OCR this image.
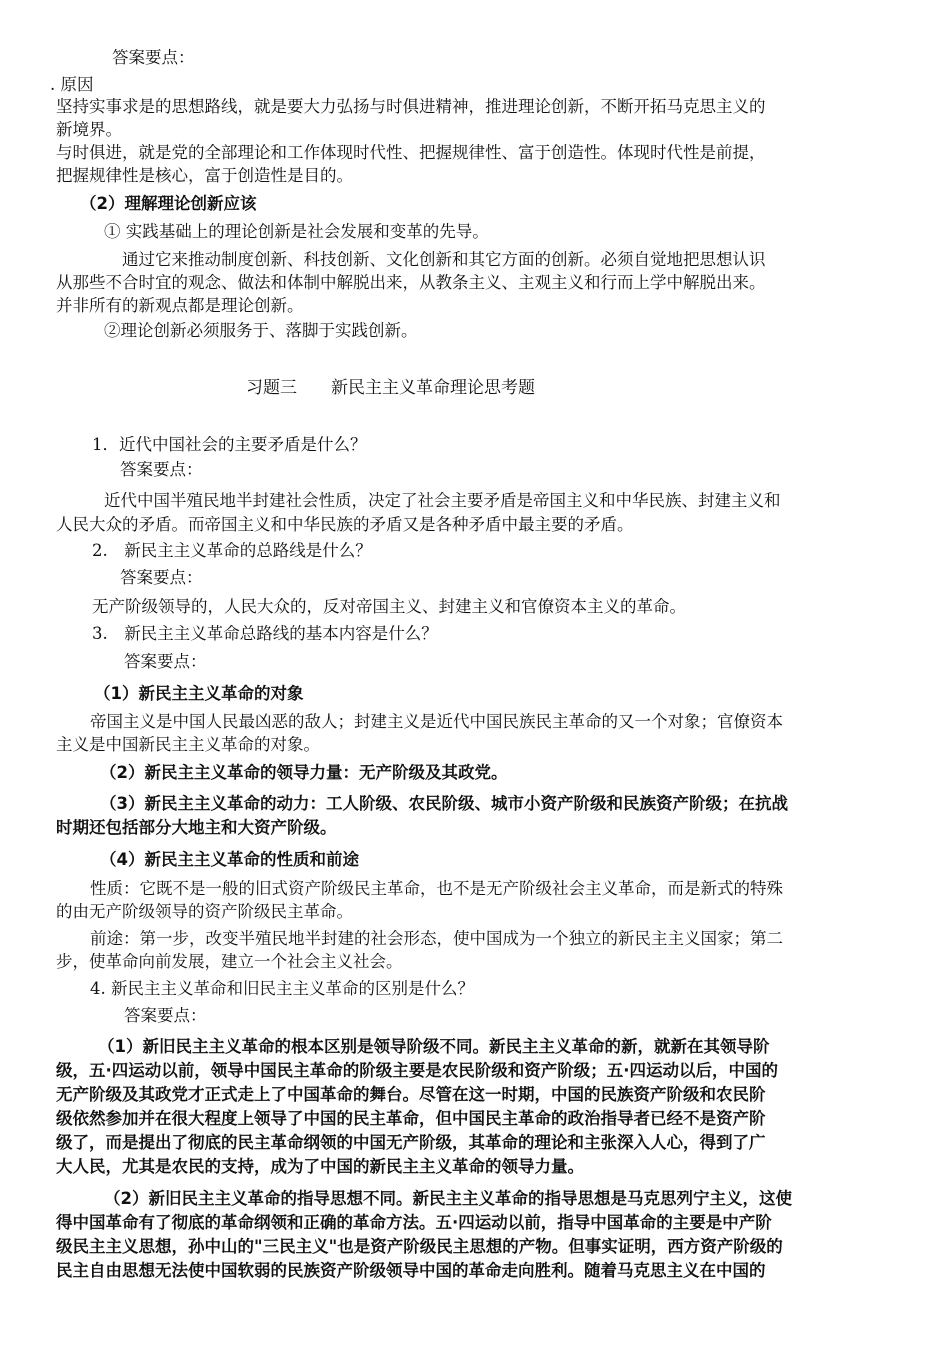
答案要点：
. 原因
坚持实事求是的思想路线，就是要大力弘扬与时俱进精神，推进理论创新，不断开拓马克思主义的
新境界。
与时俱进，就是党的全部理论和工作体现时代性、把握规律性、富于创造性。体现时代性是前提，
把握规律性是核心，富于创造性是目的。
（2）理解理论创新应该
① 实践基础上的理论创新是社会发展和变革的先导。
通过它来推动制度创新、科技创新、文化创新和其它方面的创新。必须自觉地把思想认识
从那些不合时宜的观念、做法和体制中解脱出来，从教条主义、主观主义和行而上学中解脱出来。
并非所有的新观点都是理论创新。
②理论创新必须服务于、落脚于实践创新。
习题三　　新民主主义革命理论思考题
1．近代中国社会的主要矛盾是什么？
答案要点：
近代中国半殖民地半封建社会性质，决定了社会主要矛盾是帝国主义和中华民族、封建主义和
人民大众的矛盾。而帝国主义和中华民族的矛盾又是各种矛盾中最主要的矛盾。
2.　新民主主义革命的总路线是什么？
答案要点：
无产阶级领导的，人民大众的，反对帝国主义、封建主义和官僚资本主义的革命。
3.　新民主主义革命总路线的基本内容是什么？
答案要点：
（1）新民主主义革命的对象
帝国主义是中国人民最凶恶的敌人；封建主义是近代中国民族民主革命的又一个对象；官僚资本
主义是中国新民主主义革命的对象。
（2）新民主主义革命的领导力量：无产阶级及其政党。
（3）新民主主义革命的动力：工人阶级、农民阶级、城市小资产阶级和民族资产阶级；在抗战
时期还包括部分大地主和大资产阶级。
（4）新民主主义革命的性质和前途
性质：它既不是一般的旧式资产阶级民主革命，也不是无产阶级社会主义革命，而是新式的特殊
的由无产阶级领导的资产阶级民主革命。
前途：第一步，改变半殖民地半封建的社会形态，使中国成为一个独立的新民主主义国家；第二
步，使革命向前发展，建立一个社会主义社会。
4. 新民主主义革命和旧民主主义革命的区别是什么？
答案要点：
（1）新旧民主主义革命的根本区别是领导阶级不同。新民主主义革命的新，就新在其领导阶
级，五·四运动以前，领导中国民主革命的阶级主要是农民阶级和资产阶级；五·四运动以后，中国的
无产阶级及其政党才正式走上了中国革命的舞台。尽管在这一时期，中国的民族资产阶级和农民阶
级依然参加并在很大程度上领导了中国的民主革命，但中国民主革命的政治指导者已经不是资产阶
级了，而是提出了彻底的民主革命纲领的中国无产阶级，其革命的理论和主张深入人心，得到了广
大人民，尤其是农民的支持，成为了中国的新民主主义革命的领导力量。
（2）新旧民主主义革命的指导思想不同。新民主主义革命的指导思想是马克思列宁主义，这使
得中国革命有了彻底的革命纲领和正确的革命方法。五·四运动以前，指导中国革命的主要是中产阶
级民主主义思想，孙中山的"三民主义"也是资产阶级民主思想的产物。但事实证明，西方资产阶级的
民主自由思想无法使中国软弱的民族资产阶级领导中国的革命走向胜利。随着马克思主义在中国的
